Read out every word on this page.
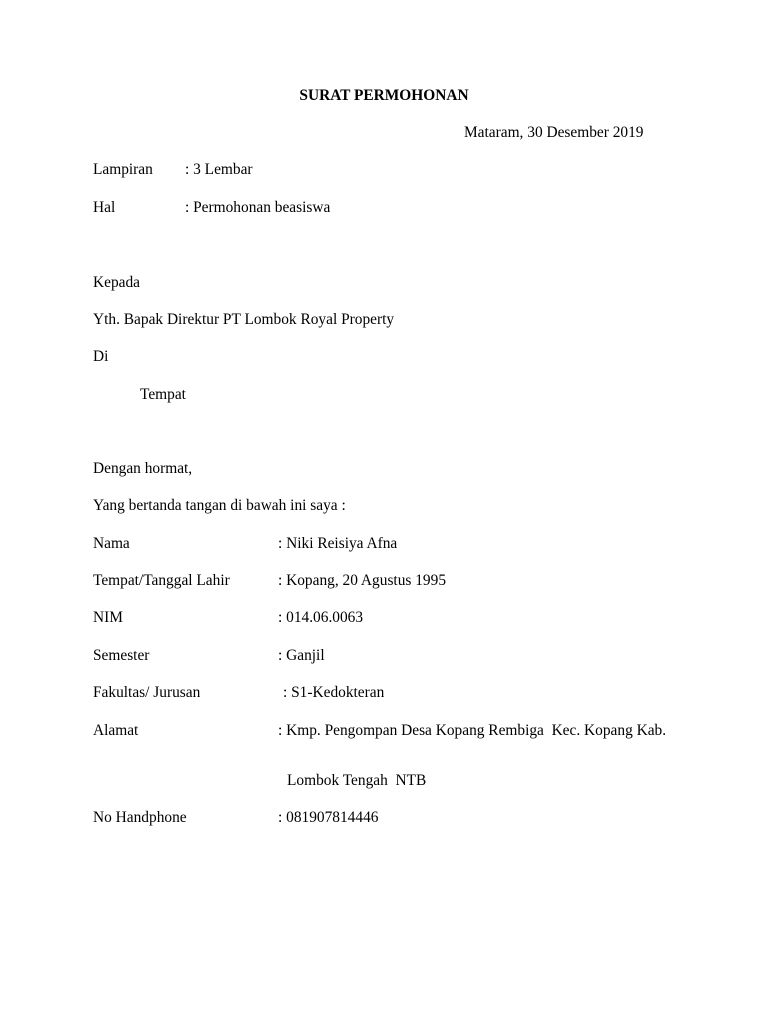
SURAT PERMOHONAN
Mataram, 30 Desember 2019
Lampiran : 3 Lembar
Hal	: Permohonan beasiswa
Kepada
Yth. Bapak Direktur PT Lombok Royal Property
Di
Tempat
Dengan hormat,
Yang bertanda tangan di bawah ini saya :
Nama	: Niki Reisiya Afna
Tempat/Tanggal Lahir	: Kopang, 20 Agustus 1995
NIM	: 014.06.0063
Semester	: Ganjil
Fakultas/ Jurusan	: S1-Kedokteran
Alamat	: Kmp. Pengompan Desa Kopang Rembiga  Kec. Kopang Kab.
Lombok Tengah  NTB
No Handphone	: 081907814446
